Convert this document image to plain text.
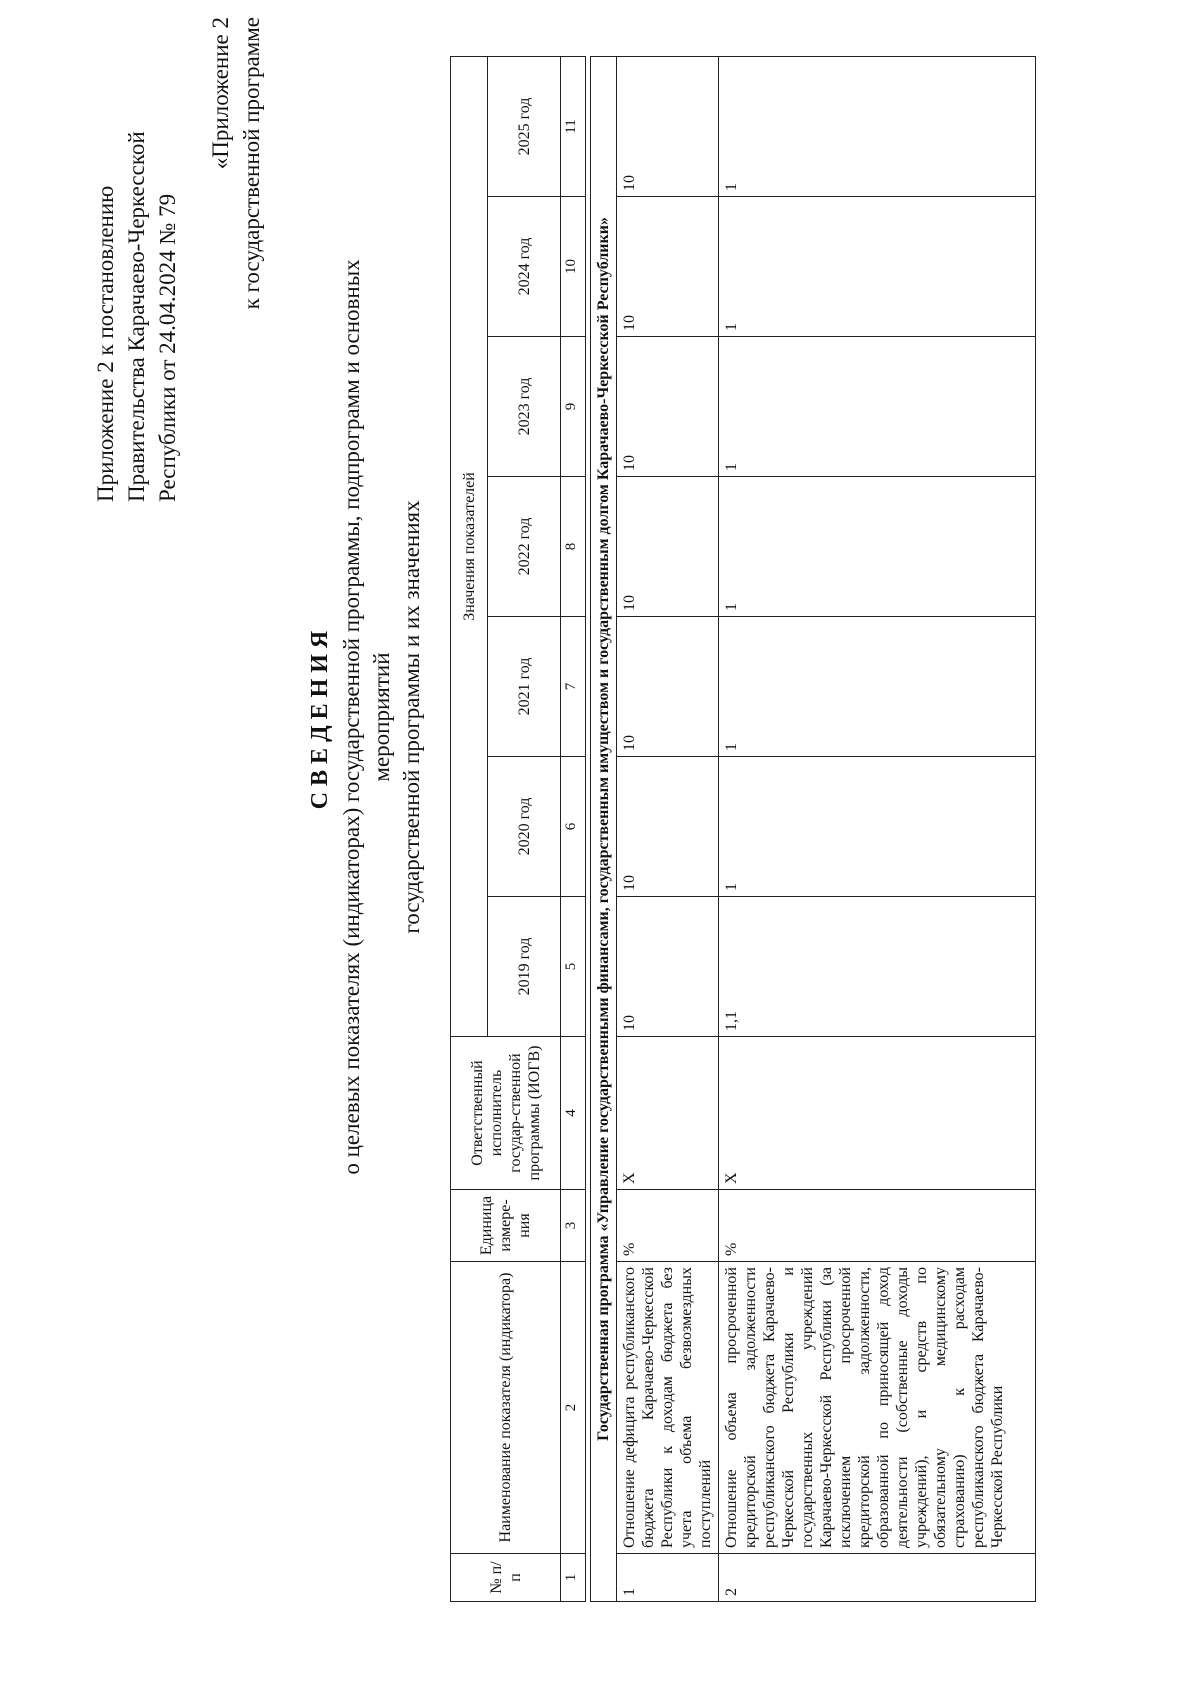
Приложение 2 к постановлению Правительства Карачаево-Черкесской Республики от 24.04.2024 № 79
«Приложение 2 к государственной программе
СВЕДЕНИЯ о целевых показателях (индикаторах) государственной программы, подпрограмм и основных мероприятий государственной программы и их значениях
№ п/п	Наименование показателя (индикатора)	Единица измере-ния	Ответственный исполнитель государ-ственной программы (ИОГВ)	Значения показателей						
				2019 год	2020 год	2021 год	2022 год	2023 год	2024 год	2025 год
1	2	3	4	5	6	7	8	9	10	11

Государственная программа «Управление государственными финансами, государственным имуществом и государственным долгом Карачаево-Черкесской Республики»										
1	Отношение дефицита республиканского бюджета Карачаево-Черкесской Республики к доходам бюджета без учета объема безвозмездных поступлений	%	Х	10	10	10	10	10	10	10
2	Отношение объема просроченной кредиторской задолженности республиканского бюджета Карачаево-Черкесской Республики и государственных учреждений Карачаево-Черкесской Республики (за исключением просроченной кредиторской задолженности, образованной по приносящей доход деятельности (собственные доходы учреждений), и средств по обязательному медицинскому страхованию) к расходам республиканского бюджета Карачаево-Черкесской Республики	%	Х	1,1	1	1	1	1	1	1
